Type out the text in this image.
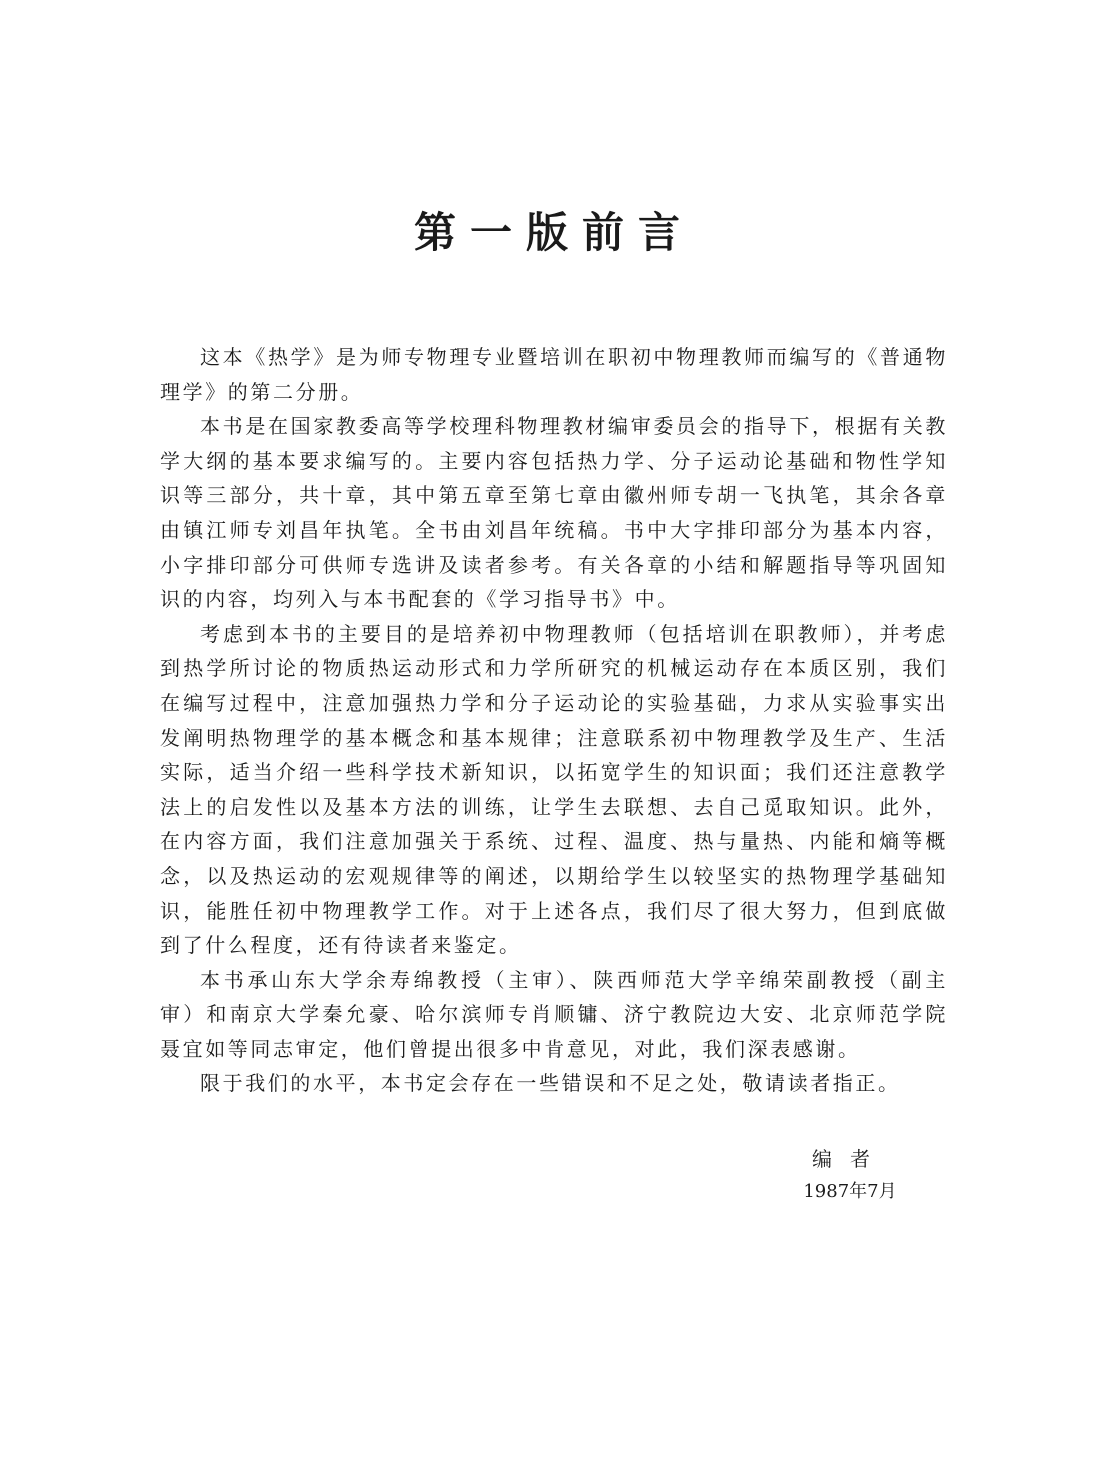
第一版前言

这本《热学》是为师专物理专业暨培训在职初中物理教师而编写的《普通物理学》的第二分册。

本书是在国家教委高等学校理科物理教材编审委员会的指导下，根据有关教学大纲的基本要求编写的。主要内容包括热力学、分子运动论基础和物性学知识等三部分，共十章，其中第五章至第七章由徽州师专胡一飞执笔，其余各章由镇江师专刘昌年执笔。全书由刘昌年统稿。书中大字排印部分为基本内容，小字排印部分可供师专选讲及读者参考。有关各章的小结和解题指导等巩固知识的内容，均列入与本书配套的《学习指导书》中。

考虑到本书的主要目的是培养初中物理教师（包括培训在职教师），并考虑到热学所讨论的物质热运动形式和力学所研究的机械运动存在本质区别，我们在编写过程中，注意加强热力学和分子运动论的实验基础，力求从实验事实出发阐明热物理学的基本概念和基本规律；注意联系初中物理教学及生产、生活实际，适当介绍一些科学技术新知识，以拓宽学生的知识面；我们还注意教学法上的启发性以及基本方法的训练，让学生去联想、去自己觅取知识。此外，在内容方面，我们注意加强关于系统、过程、温度、热与量热、内能和熵等概念，以及热运动的宏观规律等的阐述，以期给学生以较坚实的热物理学基础知识，能胜任初中物理教学工作。对于上述各点，我们尽了很大努力，但到底做到了什么程度，还有待读者来鉴定。

本书承山东大学余寿绵教授（主审）、陕西师范大学辛绵荣副教授（副主审）和南京大学秦允豪、哈尔滨师专肖顺镛、济宁教院边大安、北京师范学院聂宜如等同志审定，他们曾提出很多中肯意见，对此，我们深表感谢。

限于我们的水平，本书定会存在一些错误和不足之处，敬请读者指正。

编者

1987年7月
